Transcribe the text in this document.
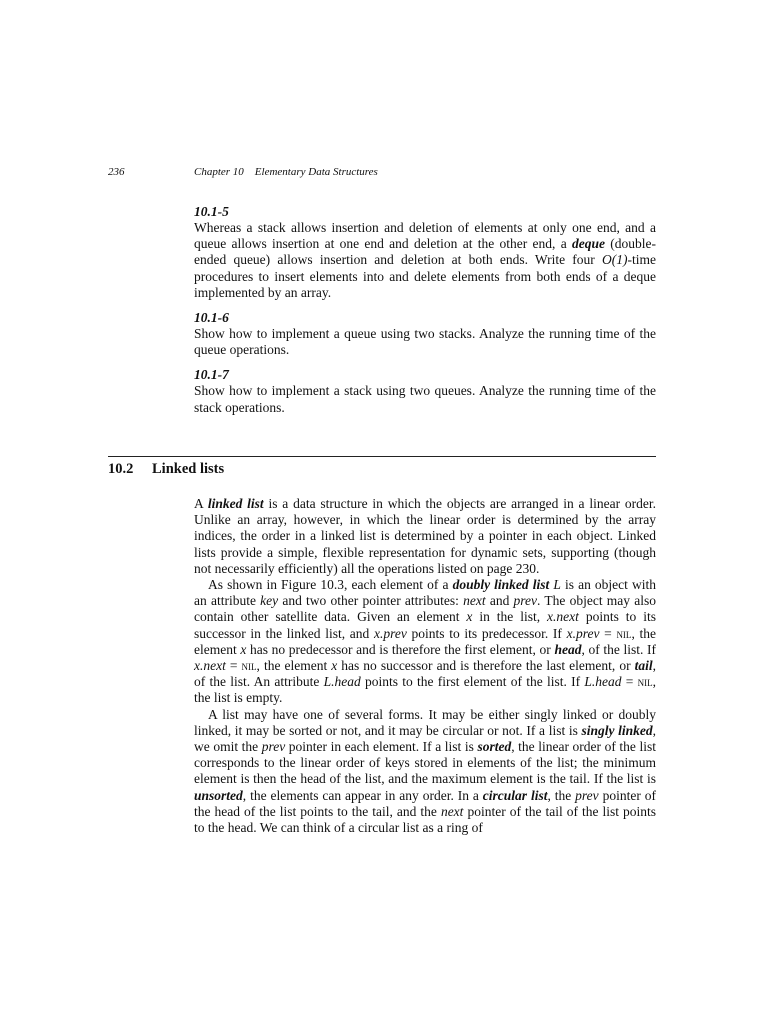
236	Chapter 10    Elementary Data Structures
10.1-5
Whereas a stack allows insertion and deletion of elements at only one end, and a queue allows insertion at one end and deletion at the other end, a deque (double-ended queue) allows insertion and deletion at both ends. Write four O(1)-time procedures to insert elements into and delete elements from both ends of a deque implemented by an array.
10.1-6
Show how to implement a queue using two stacks. Analyze the running time of the queue operations.
10.1-7
Show how to implement a stack using two queues. Analyze the running time of the stack operations.
10.2 Linked lists

A linked list is a data structure in which the objects are arranged in a linear order. Unlike an array, however, in which the linear order is determined by the array indices, the order in a linked list is determined by a pointer in each object. Linked lists provide a simple, flexible representation for dynamic sets, supporting (though not necessarily efficiently) all the operations listed on page 230.

As shown in Figure 10.3, each element of a doubly linked list L is an object with an attribute key and two other pointer attributes: next and prev. The object may also contain other satellite data. Given an element x in the list, x.next points to its successor in the linked list, and x.prev points to its predecessor. If x.prev = nil, the element x has no predecessor and is therefore the first element, or head, of the list. If x.next = nil, the element x has no successor and is therefore the last element, or tail, of the list. An attribute L.head points to the first element of the list. If L.head = nil, the list is empty.

A list may have one of several forms. It may be either singly linked or doubly linked, it may be sorted or not, and it may be circular or not. If a list is singly linked, we omit the prev pointer in each element. If a list is sorted, the linear order of the list corresponds to the linear order of keys stored in elements of the list; the minimum element is then the head of the list, and the maximum element is the tail. If the list is unsorted, the elements can appear in any order. In a circular list, the prev pointer of the head of the list points to the tail, and the next pointer of the tail of the list points to the head. We can think of a circular list as a ring of
